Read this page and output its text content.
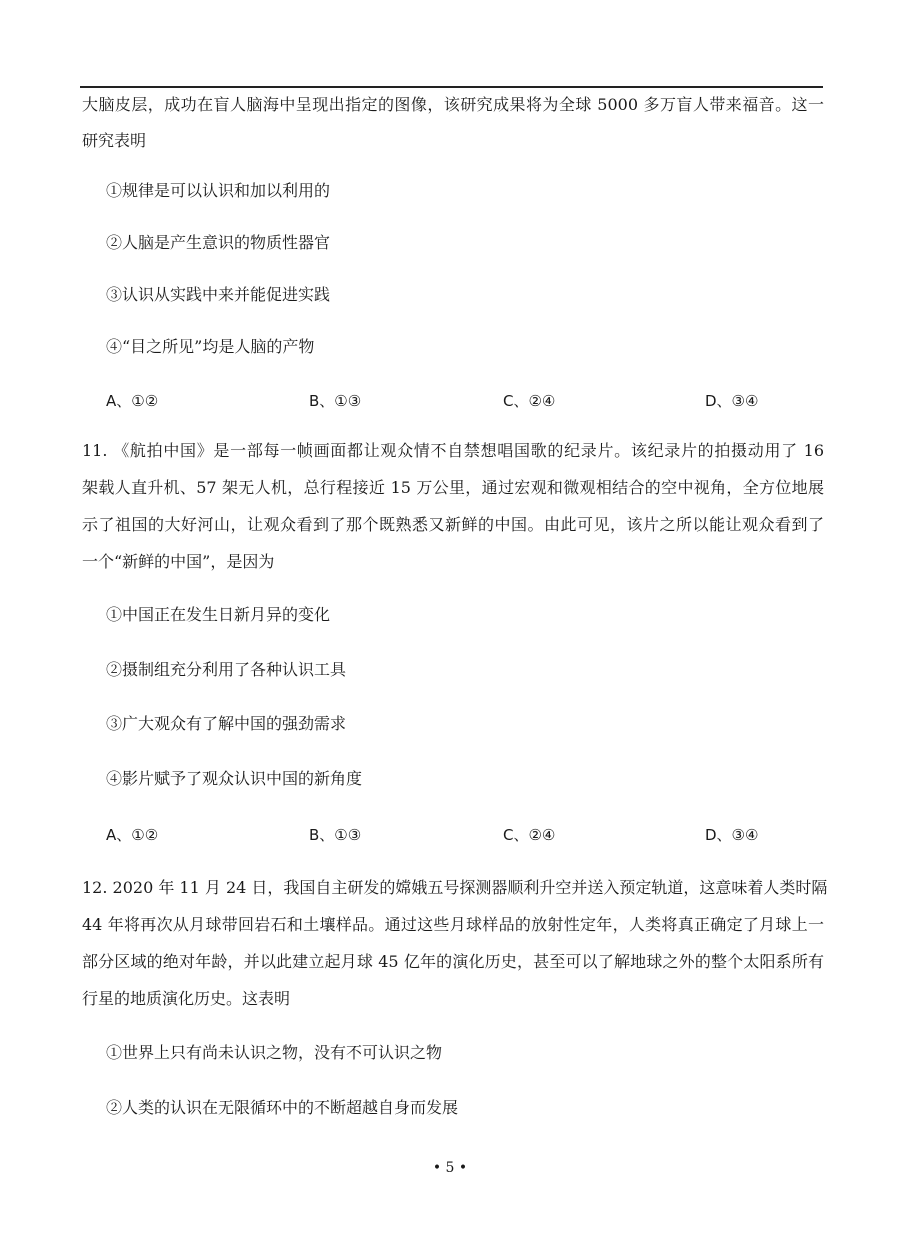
大脑皮层，成功在盲人脑海中呈现出指定的图像，该研究成果将为全球 5000 多万盲人带来福音。这一
研究表明
①规律是可以认识和加以利用的
②人脑是产生意识的物质性器官
③认识从实践中来并能促进实践
④“目之所见”均是人脑的产物
A、①②	B、①③	C、②④	D、③④
11. 《航拍中国》是一部每一帧画面都让观众情不自禁想唱国歌的纪录片。该纪录片的拍摄动用了 16
架载人直升机、57 架无人机，总行程接近 15 万公里，通过宏观和微观相结合的空中视角，全方位地展
示了祖国的大好河山，让观众看到了那个既熟悉又新鲜的中国。由此可见，该片之所以能让观众看到了
一个“新鲜的中国”，是因为
①中国正在发生日新月异的变化
②摄制组充分利用了各种认识工具
③广大观众有了解中国的强劲需求
④影片赋予了观众认识中国的新角度
A、①②	B、①③	C、②④	D、③④
12. 2020 年 11 月 24 日，我国自主研发的嫦娥五号探测器顺利升空并送入预定轨道，这意味着人类时隔
44 年将再次从月球带回岩石和土壤样品。通过这些月球样品的放射性定年，人类将真正确定了月球上一
部分区域的绝对年龄，并以此建立起月球 45 亿年的演化历史，甚至可以了解地球之外的整个太阳系所有
行星的地质演化历史。这表明
①世界上只有尚未认识之物，没有不可认识之物
②人类的认识在无限循环中的不断超越自身而发展
• 5 •
